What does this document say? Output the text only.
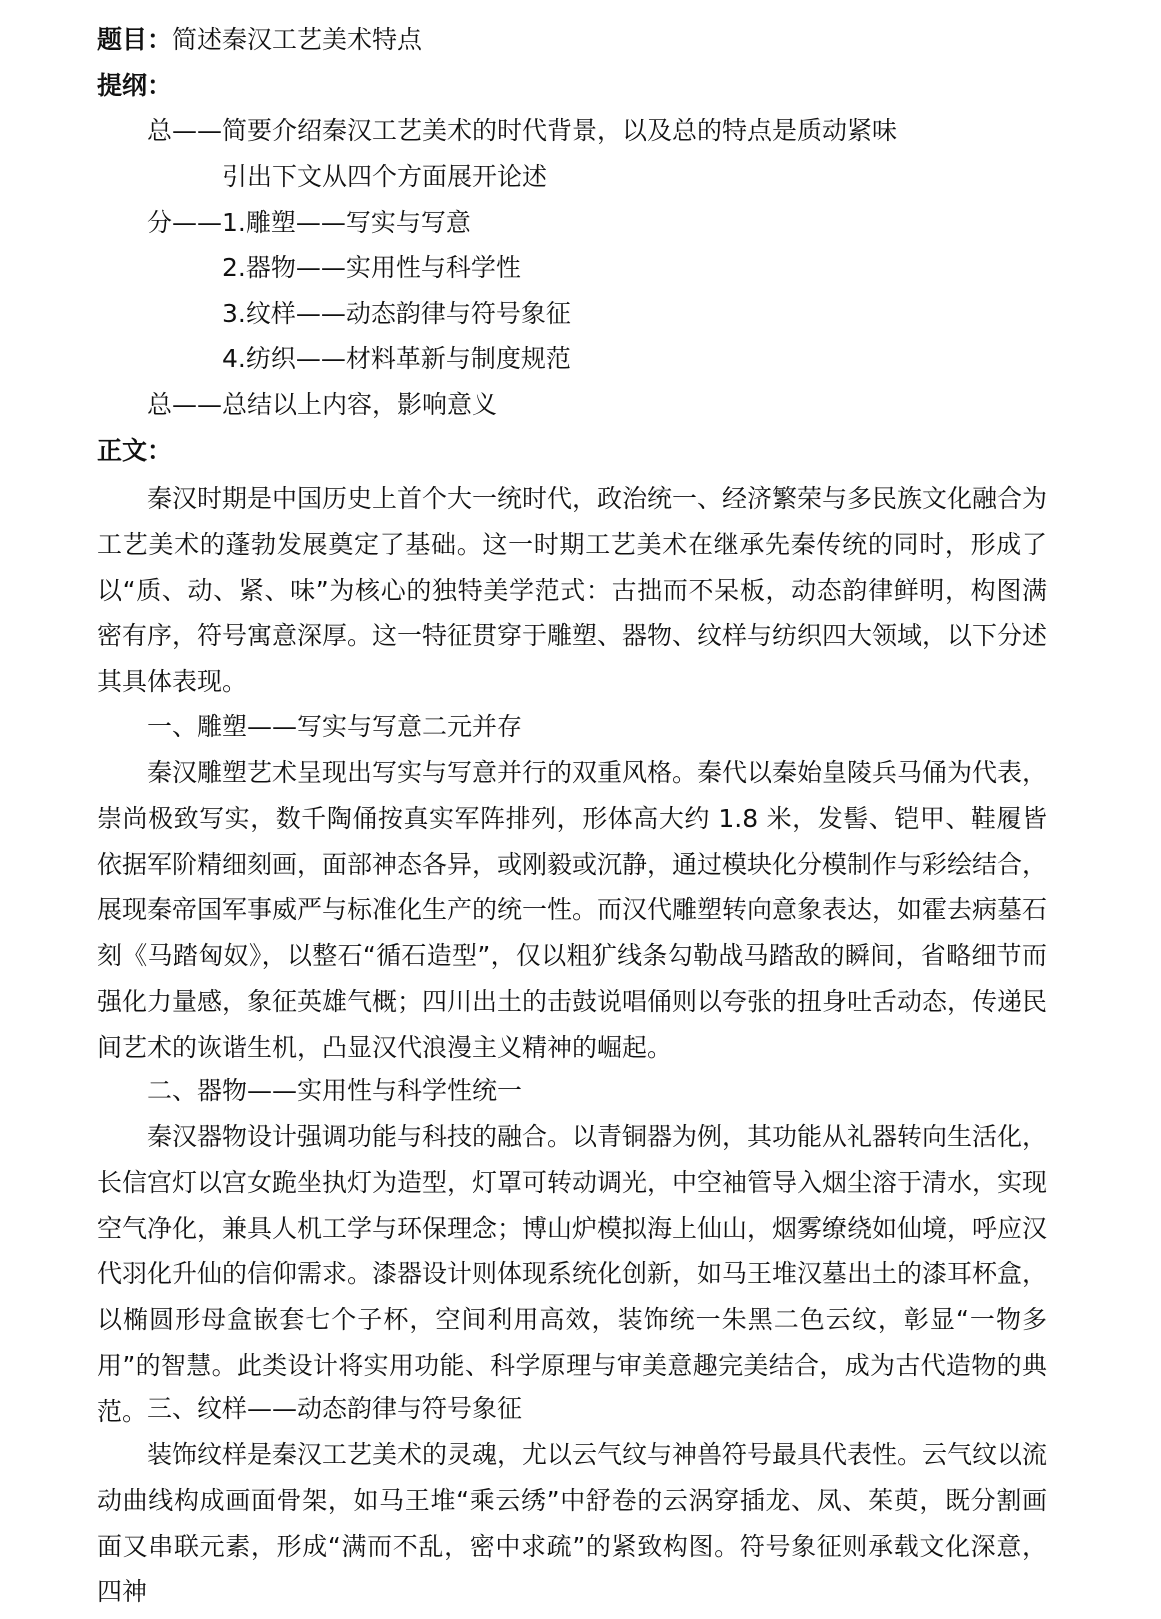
题目：简述秦汉工艺美术特点
提纲：
总——简要介绍秦汉工艺美术的时代背景，以及总的特点是质动紧味
引出下文从四个方面展开论述
分——1.雕塑——写实与写意
2.器物——实用性与科学性
3.纹样——动态韵律与符号象征
4.纺织——材料革新与制度规范
总——总结以上内容，影响意义
正文：
秦汉时期是中国历史上首个大一统时代，政治统一、经济繁荣与多民族文化融合为工艺美术的蓬勃发展奠定了基础。这一时期工艺美术在继承先秦传统的同时，形成了以“质、动、紧、味”为核心的独特美学范式：古拙而不呆板，动态韵律鲜明，构图满密有序，符号寓意深厚。这一特征贯穿于雕塑、器物、纹样与纺织四大领域，以下分述其具体表现。
一、雕塑——写实与写意二元并存
秦汉雕塑艺术呈现出写实与写意并行的双重风格。秦代以秦始皇陵兵马俑为代表，崇尚极致写实，数千陶俑按真实军阵排列，形体高大约 1.8 米，发髻、铠甲、鞋履皆依据军阶精细刻画，面部神态各异，或刚毅或沉静，通过模块化分模制作与彩绘结合，展现秦帝国军事威严与标准化生产的统一性。而汉代雕塑转向意象表达，如霍去病墓石刻《马踏匈奴》，以整石“循石造型”，仅以粗犷线条勾勒战马踏敌的瞬间，省略细节而强化力量感，象征英雄气概；四川出土的击鼓说唱俑则以夸张的扭身吐舌动态，传递民间艺术的诙谐生机，凸显汉代浪漫主义精神的崛起。
二、器物——实用性与科学性统一
秦汉器物设计强调功能与科技的融合。以青铜器为例，其功能从礼器转向生活化，长信宫灯以宫女跪坐执灯为造型，灯罩可转动调光，中空袖管导入烟尘溶于清水，实现空气净化，兼具人机工学与环保理念；博山炉模拟海上仙山，烟雾缭绕如仙境，呼应汉代羽化升仙的信仰需求。漆器设计则体现系统化创新，如马王堆汉墓出土的漆耳杯盒，以椭圆形母盒嵌套七个子杯，空间利用高效，装饰统一朱黑二色云纹，彰显“一物多用”的智慧。此类设计将实用功能、科学原理与审美意趣完美结合，成为古代造物的典范。 三、纹样——动态韵律与符号象征
装饰纹样是秦汉工艺美术的灵魂，尤以云气纹与神兽符号最具代表性。云气纹以流动曲线构成画面骨架，如马王堆“乘云绣”中舒卷的云涡穿插龙、凤、茱萸，既分割画面又串联元素，形成“满而不乱，密中求疏”的紧致构图。符号象征则承载文化深意，四神
